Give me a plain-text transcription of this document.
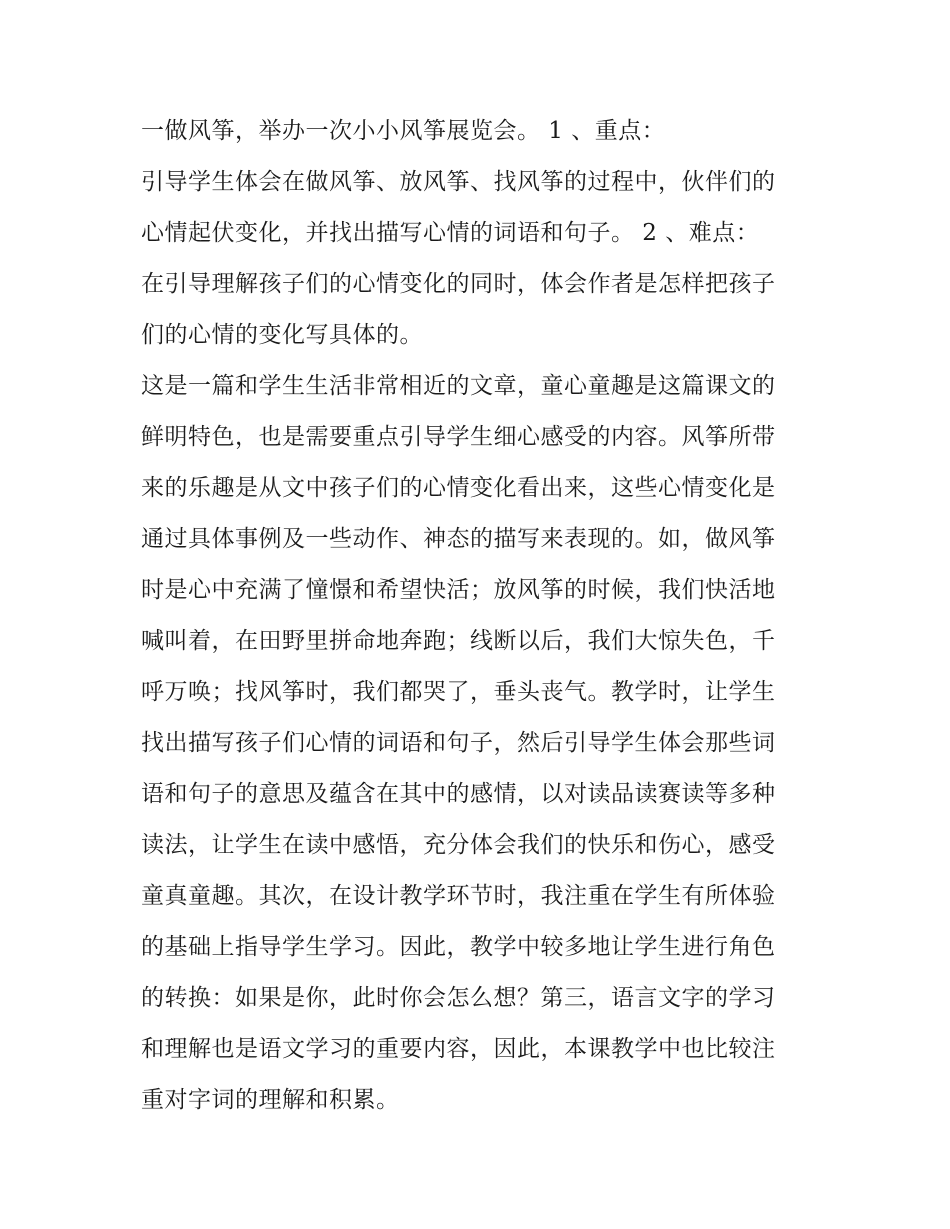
一做风筝，举办一次小小风筝展览会。 1 、重点：
引导学生体会在做风筝、放风筝、找风筝的过程中，伙伴们的
心情起伏变化，并找出描写心情的词语和句子。 2 、难点：
在引导理解孩子们的心情变化的同时，体会作者是怎样把孩子
们的心情的变化写具体的。
这是一篇和学生生活非常相近的文章，童心童趣是这篇课文的
鲜明特色，也是需要重点引导学生细心感受的内容。风筝所带
来的乐趣是从文中孩子们的心情变化看出来，这些心情变化是
通过具体事例及一些动作、神态的描写来表现的。如，做风筝
时是心中充满了憧憬和希望快活；放风筝的时候，我们快活地
喊叫着，在田野里拼命地奔跑；线断以后，我们大惊失色，千
呼万唤；找风筝时，我们都哭了，垂头丧气。教学时，让学生
找出描写孩子们心情的词语和句子，然后引导学生体会那些词
语和句子的意思及蕴含在其中的感情，以对读品读赛读等多种
读法，让学生在读中感悟，充分体会我们的快乐和伤心，感受
童真童趣。其次，在设计教学环节时，我注重在学生有所体验
的基础上指导学生学习。因此，教学中较多地让学生进行角色
的转换：如果是你，此时你会怎么想？第三，语言文字的学习
和理解也是语文学习的重要内容，因此，本课教学中也比较注
重对字词的理解和积累。
